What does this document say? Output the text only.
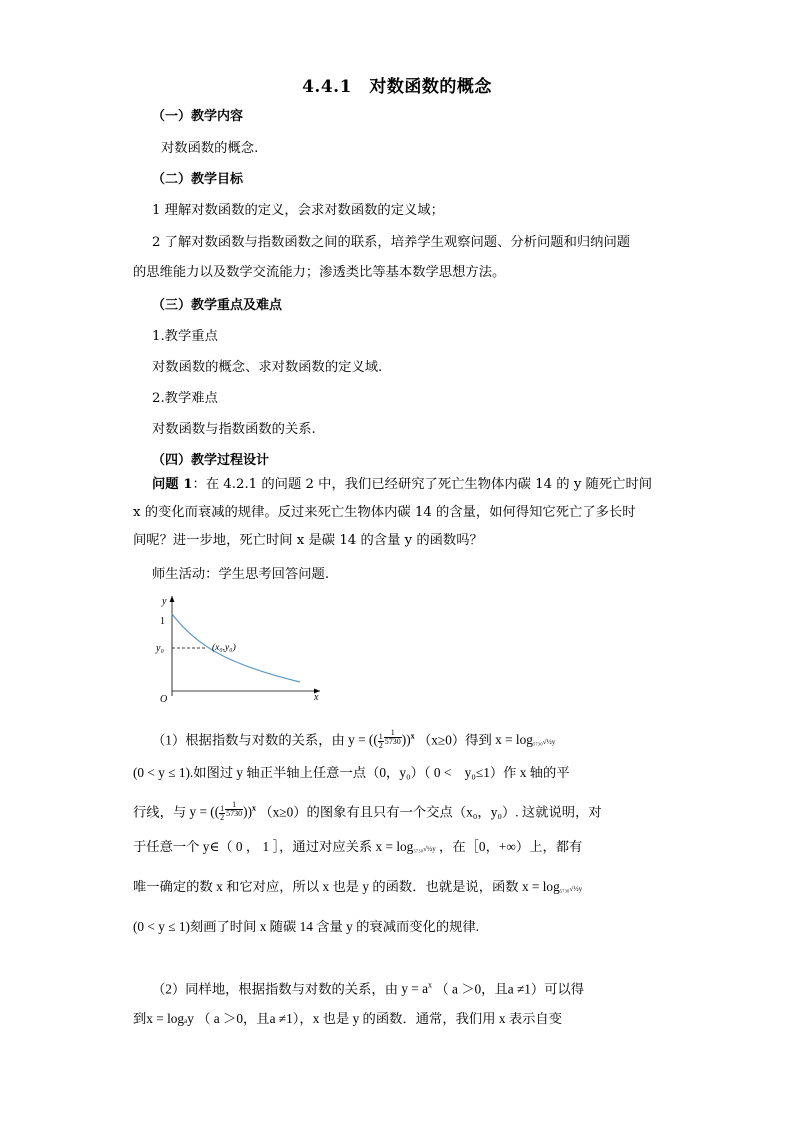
4.4.1　对数函数的概念
（一）教学内容
对数函数的概念.
（二）教学目标
1 理解对数函数的定义，会求对数函数的定义域；
2 了解对数函数与指数函数之间的联系，培养学生观察问题、分析问题和归纳问题
的思维能力以及数学交流能力；渗透类比等基本数学思想方法。
（三）教学重点及难点
1.教学重点
对数函数的概念、求对数函数的定义域.
2.教学难点
对数函数与指数函数的关系.
（四）教学过程设计
问题 1：在 4.2.1 的问题 2 中，我们已经研究了死亡生物体内碳 14 的 y 随死亡时间
x 的变化而衰减的规律。反过来死亡生物体内碳 14 的含量，如何得知它死亡了多长时
间呢？进一步地，死亡时间 x 是碳 14 的含量 y 的函数吗？
师生活动：学生思考回答问题.
y
x
O
1
y₀	(x₀,y₀)
（1）根据指数与对数的关系，由 y = (( $\frac{1}{2} ^{\frac{1}{5730}}$ ))$^x$ （x≥0）得到 x = log₅₇₃₀√½y
(0 < y ≤ 1).如图过 y 轴正半轴上任意一点（0，y₀）（ 0 <　y₀≤1）作 x 轴的平
行线，与 y = (( $\frac{1}{2} ^{\frac{1}{5730}}$ ))$^x$ （x≥0）的图象有且只有一个交点（x₀，y₀）. 这就说明，对
于任意一个 y∈（ 0 ， 1 ］，通过对应关系 x = log₅₇₃₀√½y ，在［0，+∞）上，都有
唯一确定的数 x 和它对应，所以 x 也是 y 的函数．也就是说，函数 x = log₅₇₃₀√½y
(0 < y ≤ 1)刻画了时间 x 随碳 14 含量 y 的衰减而变化的规律.
（2）同样地，根据指数与对数的关系，由 $y = a^x$ （ a ＞0，且a ≠1）可以得
到x = logay （ a ＞0，且a ≠1），x 也是 y 的函数．通常，我们用 x 表示自变
